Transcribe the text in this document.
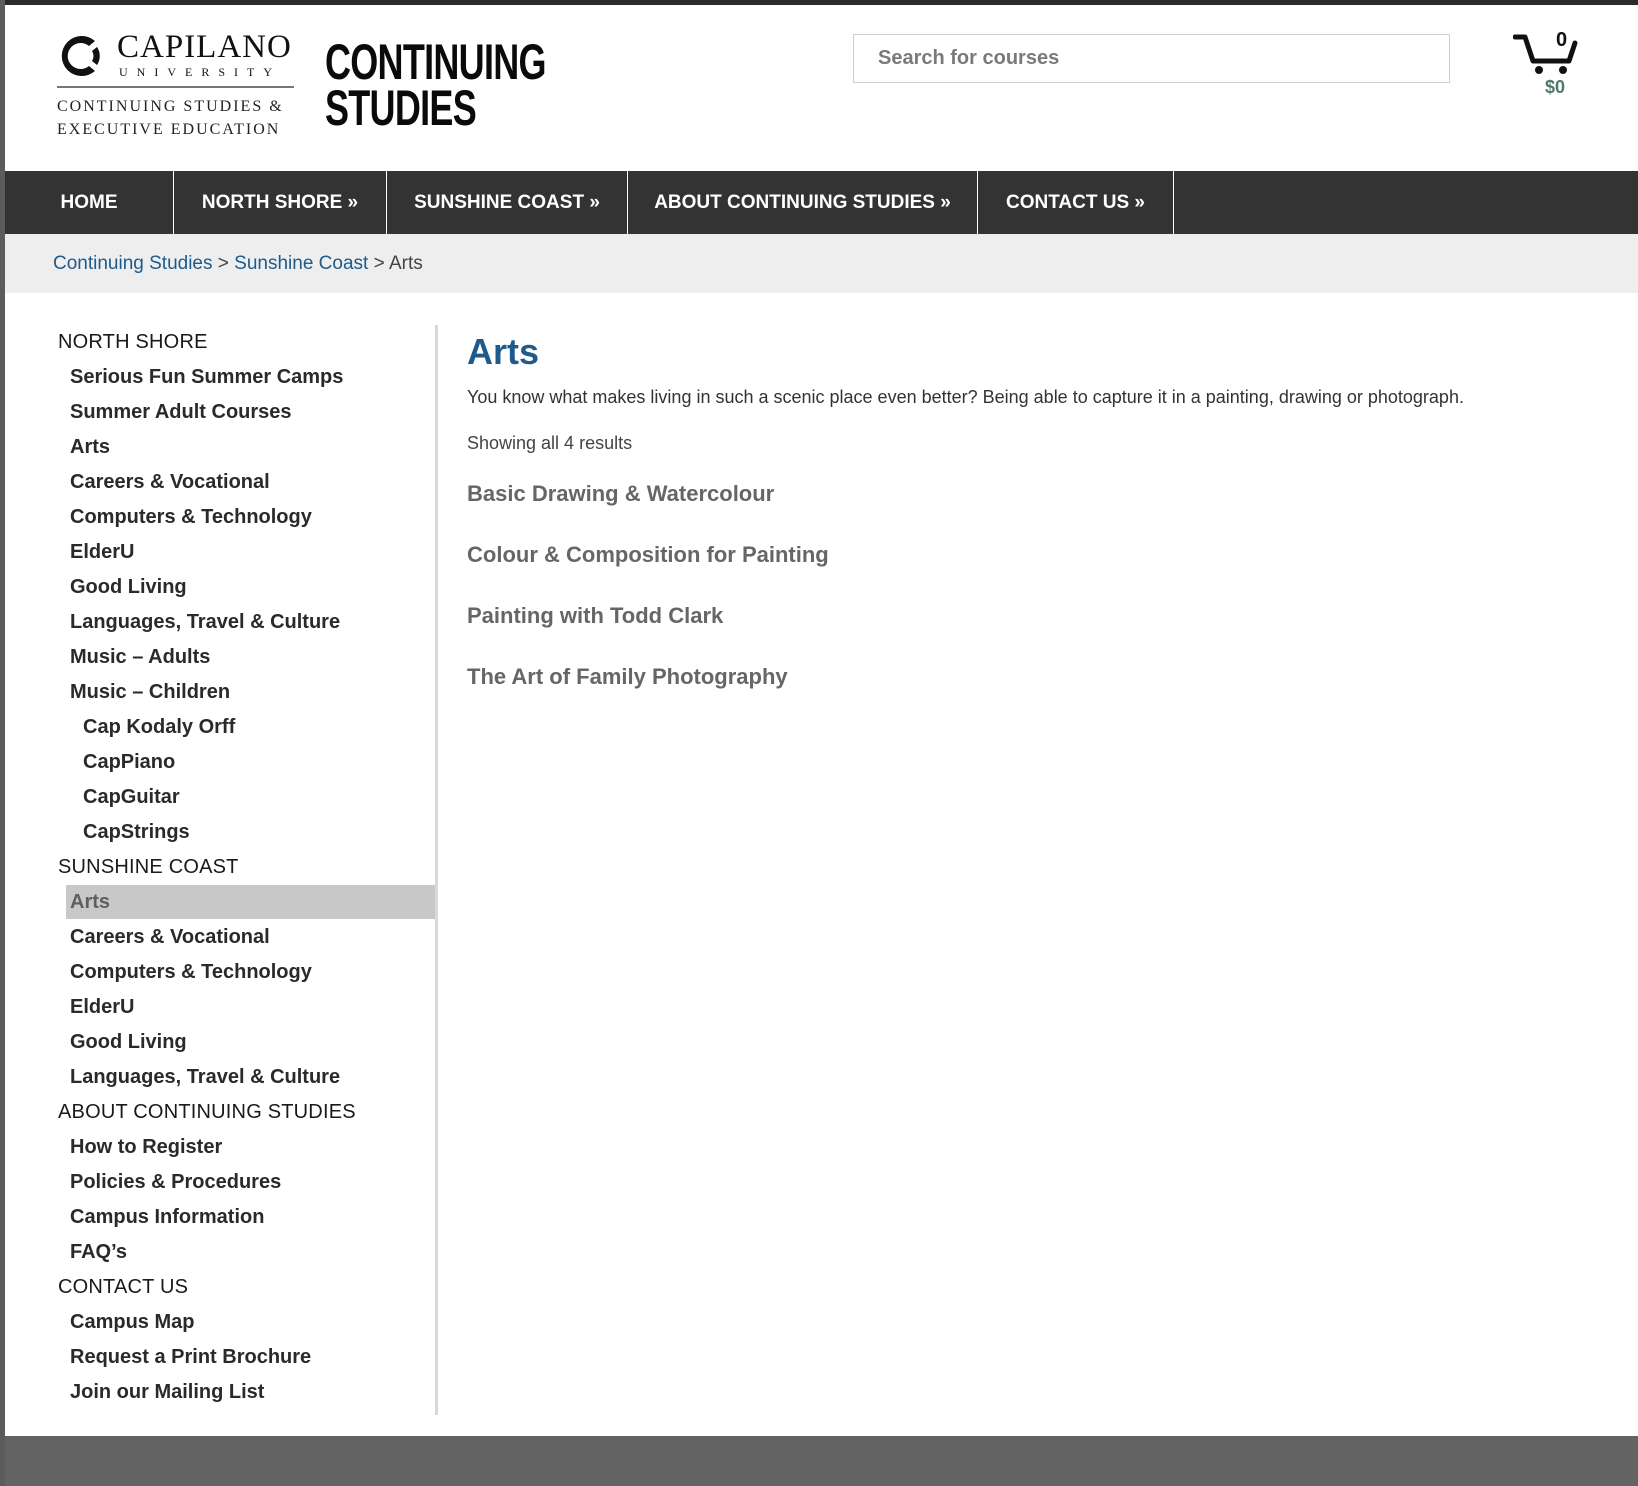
CAPILANO
UNIVERSITY
CONTINUING STUDIES &
EXECUTIVE EDUCATION
CONTINUING
STUDIES
Search for courses
0
$0
HOME	NORTH SHORE »	SUNSHINE COAST »	ABOUT CONTINUING STUDIES »	CONTACT US »
Continuing Studies > Sunshine Coast > Arts
NORTH SHORE
Serious Fun Summer Camps
Summer Adult Courses
Arts
Careers & Vocational
Computers & Technology
ElderU
Good Living
Languages, Travel & Culture
Music – Adults
Music – Children
Cap Kodaly Orff
CapPiano
CapGuitar
CapStrings
SUNSHINE COAST
Arts
Careers & Vocational
Computers & Technology
ElderU
Good Living
Languages, Travel & Culture
ABOUT CONTINUING STUDIES
How to Register
Policies & Procedures
Campus Information
FAQ’s
CONTACT US
Campus Map
Request a Print Brochure
Join our Mailing List
Arts
You know what makes living in such a scenic place even better? Being able to capture it in a painting, drawing or photograph.
Showing all 4 results
Basic Drawing & Watercolour
Colour & Composition for Painting
Painting with Todd Clark
The Art of Family Photography
